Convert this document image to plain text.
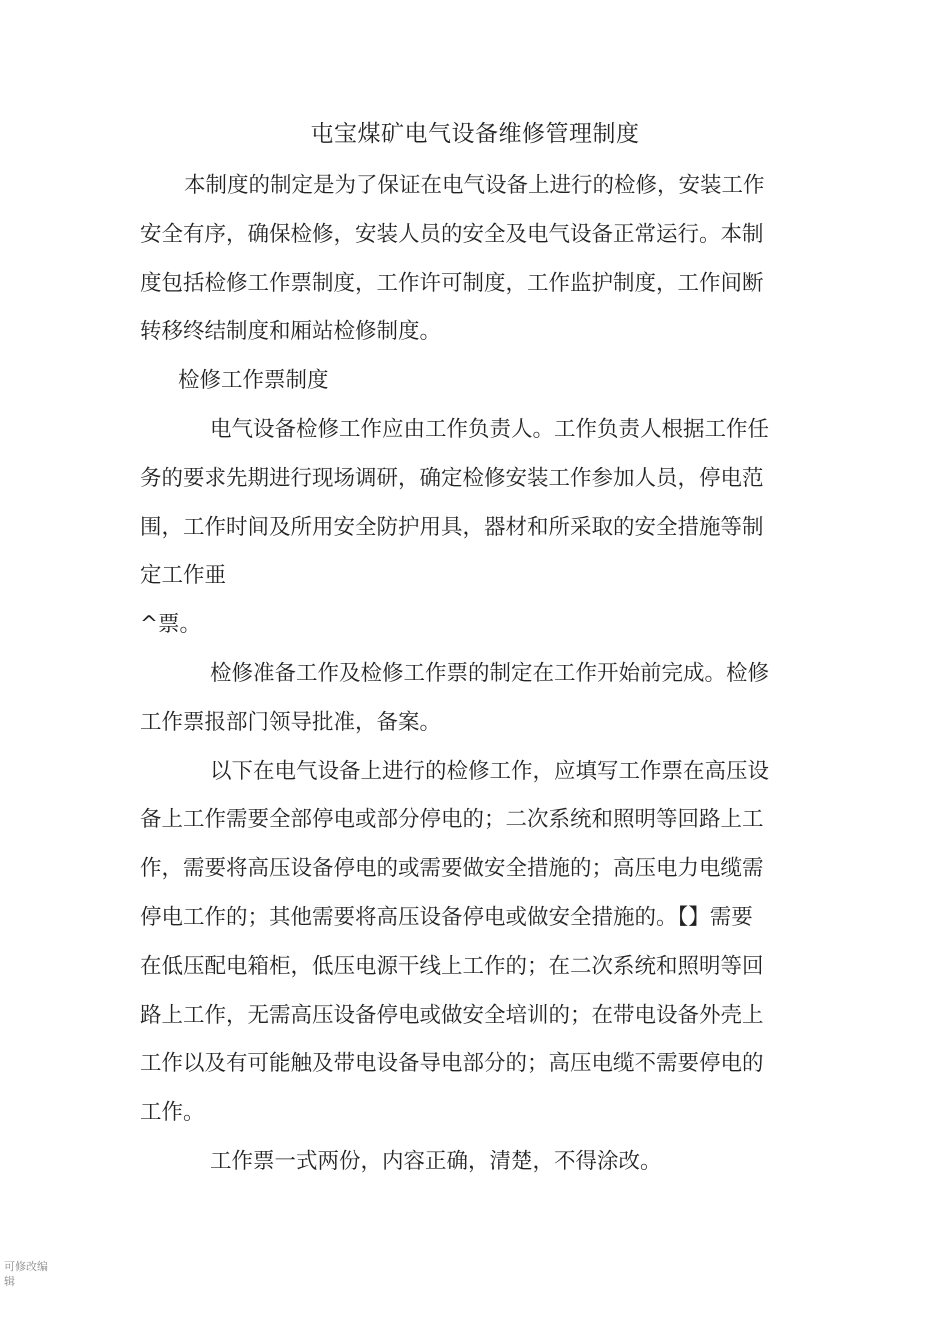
屯宝煤矿电气设备维修管理制度

本制度的制定是为了保证在电气设备上进行的检修，安装工作
安全有序，确保检修，安装人员的安全及电气设备正常运行。本制
度包括检修工作票制度，工作许可制度，工作监护制度，工作间断
转移终结制度和厢站检修制度。

检修工作票制度

电气设备检修工作应由工作负责人。工作负责人根据工作任
务的要求先期进行现场调研，确定检修安装工作参加人员，停电范
围，工作时间及所用安全防护用具，器材和所采取的安全措施等制
定工作亜
^票。

检修准备工作及检修工作票的制定在工作开始前完成。检修
工作票报部门领导批准，备案。

以下在电气设备上进行的检修工作，应填写工作票在高压设
备上工作需要全部停电或部分停电的；二次系统和照明等回路上工
作，需要将高压设备停电的或需要做安全措施的；高压电力电缆需
停电工作的；其他需要将高压设备停电或做安全措施的。【】需要
在低压配电箱柜，低压电源干线上工作的；在二次系统和照明等回
路上工作，无需高压设备停电或做安全培训的；在带电设备外壳上
工作以及有可能触及带电设备导电部分的；高压电缆不需要停电的
工作。

工作票一式两份，内容正确，清楚，不得涂改。

可修改编
辑
